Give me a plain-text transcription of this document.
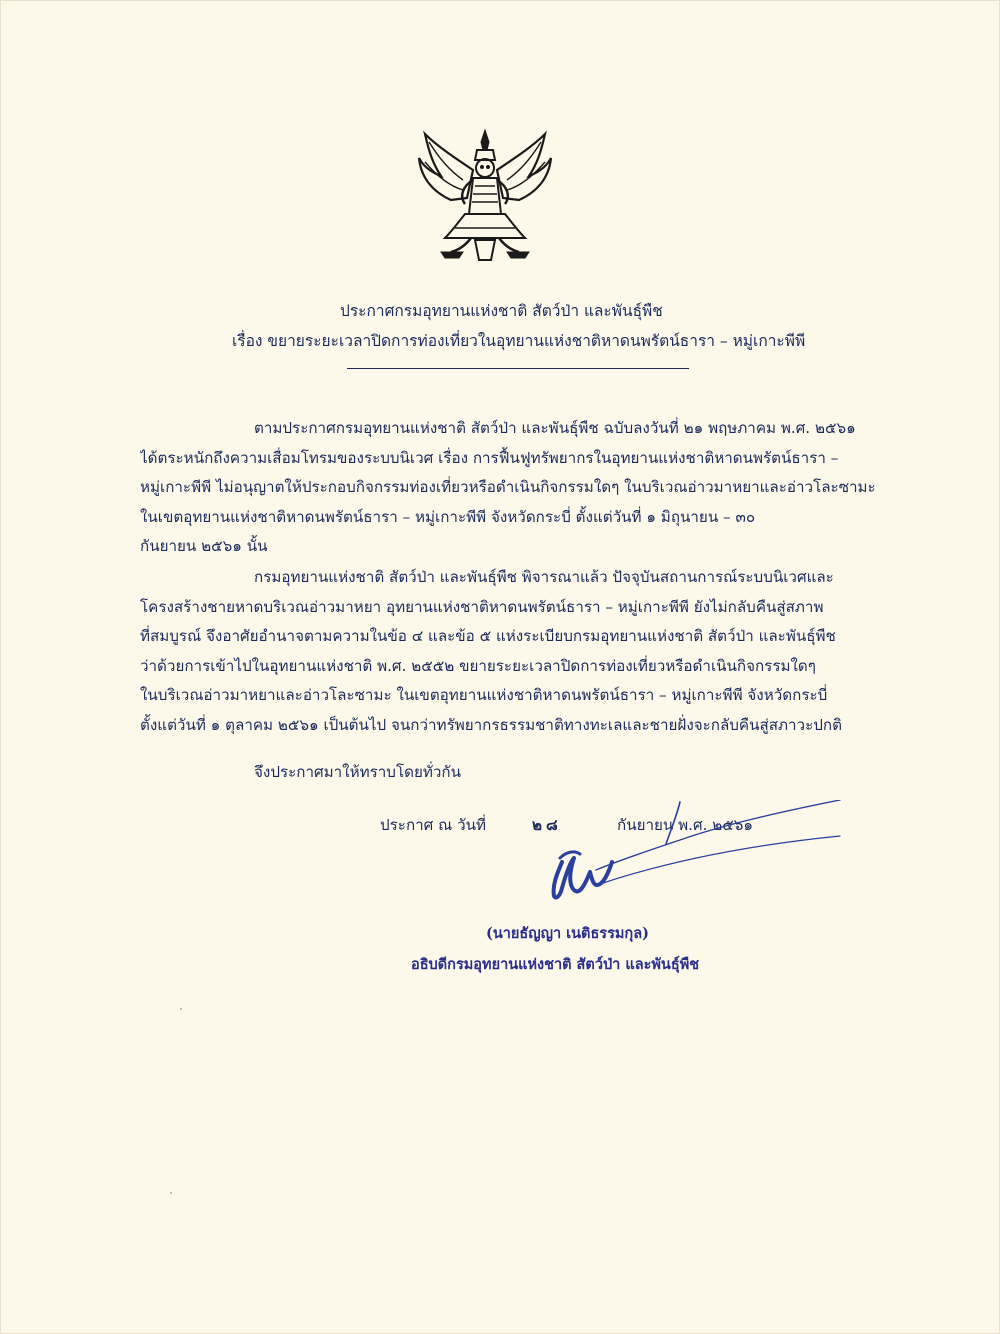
ประกาศกรมอุทยานแห่งชาติ สัตว์ป่า และพันธุ์พืช
เรื่อง ขยายระยะเวลาปิดการท่องเที่ยวในอุทยานแห่งชาติหาดนพรัตน์ธารา – หมู่เกาะพีพี
ตามประกาศกรมอุทยานแห่งชาติ สัตว์ป่า และพันธุ์พืช ฉบับลงวันที่ ๒๑ พฤษภาคม พ.ศ. ๒๕๖๑
ได้ตระหนักถึงความเสื่อมโทรมของระบบนิเวศ เรื่อง การฟื้นฟูทรัพยากรในอุทยานแห่งชาติหาดนพรัตน์ธารา –
หมู่เกาะพีพี ไม่อนุญาตให้ประกอบกิจกรรมท่องเที่ยวหรือดำเนินกิจกรรมใดๆ ในบริเวณอ่าวมาหยาและอ่าวโละซามะ
ในเขตอุทยานแห่งชาติหาดนพรัตน์ธารา – หมู่เกาะพีพี จังหวัดกระบี่ ตั้งแต่วันที่ ๑ มิถุนายน – ๓๐
กันยายน ๒๕๖๑ นั้น
กรมอุทยานแห่งชาติ สัตว์ป่า และพันธุ์พืช พิจารณาแล้ว ปัจจุบันสถานการณ์ระบบนิเวศและ
โครงสร้างชายหาดบริเวณอ่าวมาหยา อุทยานแห่งชาติหาดนพรัตน์ธารา – หมู่เกาะพีพี ยังไม่กลับคืนสู่สภาพ
ที่สมบูรณ์ จึงอาศัยอำนาจตามความในข้อ ๔ และข้อ ๕ แห่งระเบียบกรมอุทยานแห่งชาติ สัตว์ป่า และพันธุ์พืช
ว่าด้วยการเข้าไปในอุทยานแห่งชาติ พ.ศ. ๒๕๕๒ ขยายระยะเวลาปิดการท่องเที่ยวหรือดำเนินกิจกรรมใดๆ
ในบริเวณอ่าวมาหยาและอ่าวโละซามะ ในเขตอุทยานแห่งชาติหาดนพรัตน์ธารา – หมู่เกาะพีพี จังหวัดกระบี่
ตั้งแต่วันที่ ๑ ตุลาคม ๒๕๖๑ เป็นต้นไป จนกว่าทรัพยากรธรรมชาติทางทะเลและชายฝั่งจะกลับคืนสู่สภาวะปกติ
จึงประกาศมาให้ทราบโดยทั่วกัน
ประกาศ ณ วันที่	๒๘	กันยายน พ.ศ. ๒๕๖๑
(นายธัญญา เนติธรรมกุล)
อธิบดีกรมอุทยานแห่งชาติ สัตว์ป่า และพันธุ์พืช
